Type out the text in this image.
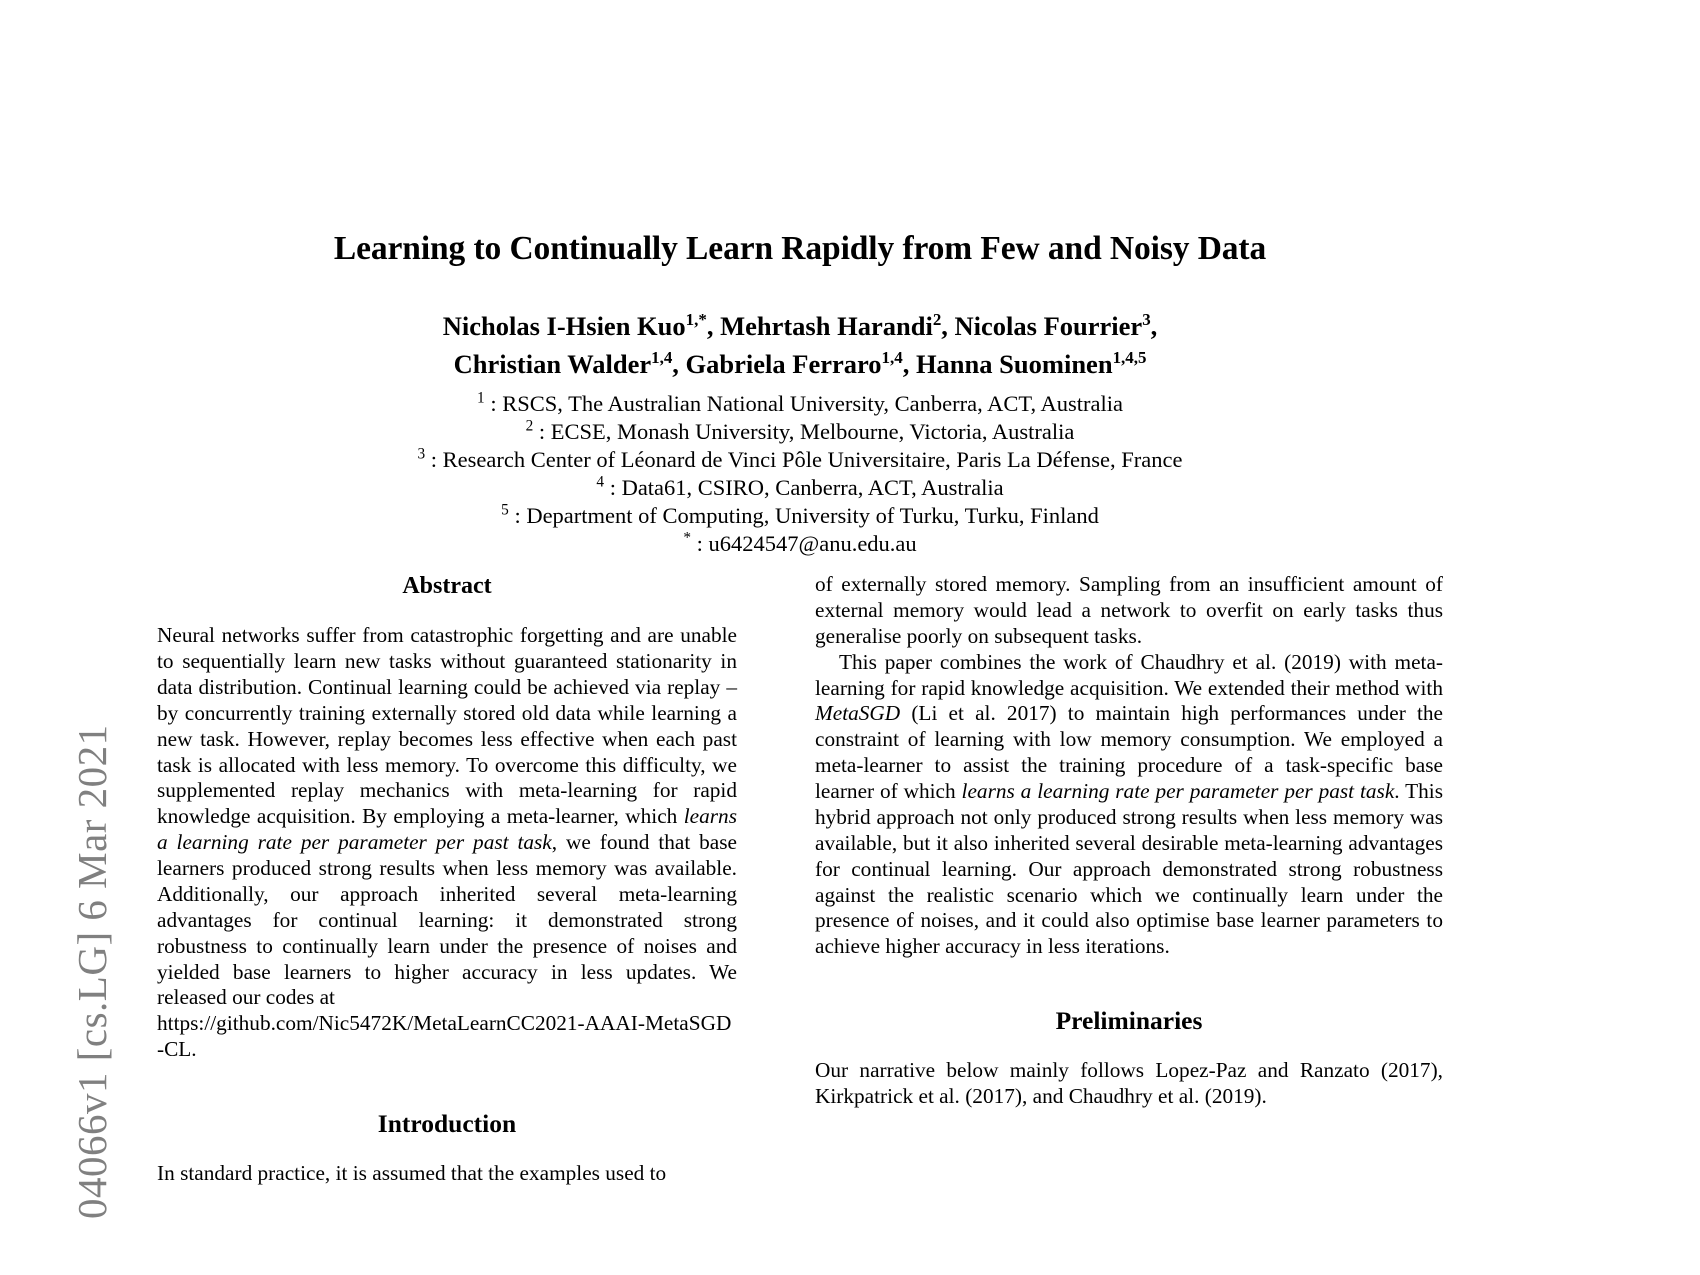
04066v1 [cs.LG] 6 Mar 2021
Learning to Continually Learn Rapidly from Few and Noisy Data
Nicholas I-Hsien Kuo$^{1,*}$, Mehrtash Harandi$^2$, Nicolas Fourrier$^3$,
Christian Walder$^{1,4}$, Gabriela Ferraro$^{1,4}$, Hanna Suominen$^{1,4,5}$
$^1$ : RSCS, The Australian National University, Canberra, ACT, Australia
$^2$ : ECSE, Monash University, Melbourne, Victoria, Australia
$^3$ : Research Center of Léonard de Vinci Pôle Universitaire, Paris La Défense, France
$^4$ : Data61, CSIRO, Canberra, ACT, Australia
$^5$ : Department of Computing, University of Turku, Turku, Finland
* : u6424547@anu.edu.au
Abstract

Neural networks suffer from catastrophic forgetting and are unable to sequentially learn new tasks without guaranteed stationarity in data distribution. Continual learning could be achieved via replay – by concurrently training externally stored old data while learning a new task. However, replay becomes less effective when each past task is allocated with less memory. To overcome this difficulty, we supplemented replay mechanics with meta-learning for rapid knowledge acquisition. By employing a meta-learner, which learns a learning rate per parameter per past task, we found that base learners produced strong results when less memory was available. Additionally, our approach inherited several meta-learning advantages for continual learning: it demonstrated strong robustness to continually learn under the presence of noises and yielded base learners to higher accuracy in less updates. We released our codes at

https://github.com/Nic5472K/MetaLearnCC2021‐AAAI‐MetaSGD-CL.

Introduction

In standard practice, it is assumed that the examples used to

of externally stored memory. Sampling from an insufficient amount of external memory would lead a network to overfit on early tasks thus generalise poorly on subsequent tasks.

This paper combines the work of Chaudhry et al. (2019) with meta-learning for rapid knowledge acquisition. We extended their method with MetaSGD (Li et al. 2017) to maintain high performances under the constraint of learning with low memory consumption. We employed a meta-learner to assist the training procedure of a task-specific base learner of which learns a learning rate per parameter per past task. This hybrid approach not only produced strong results when less memory was available, but it also inherited several desirable meta-learning advantages for continual learning. Our approach demonstrated strong robustness against the realistic scenario which we continually learn under the presence of noises, and it could also optimise base learner parameters to achieve higher accuracy in less iterations.

Preliminaries

Our narrative below mainly follows Lopez-Paz and Ranzato (2017), Kirkpatrick et al. (2017), and Chaudhry et al. (2019).
